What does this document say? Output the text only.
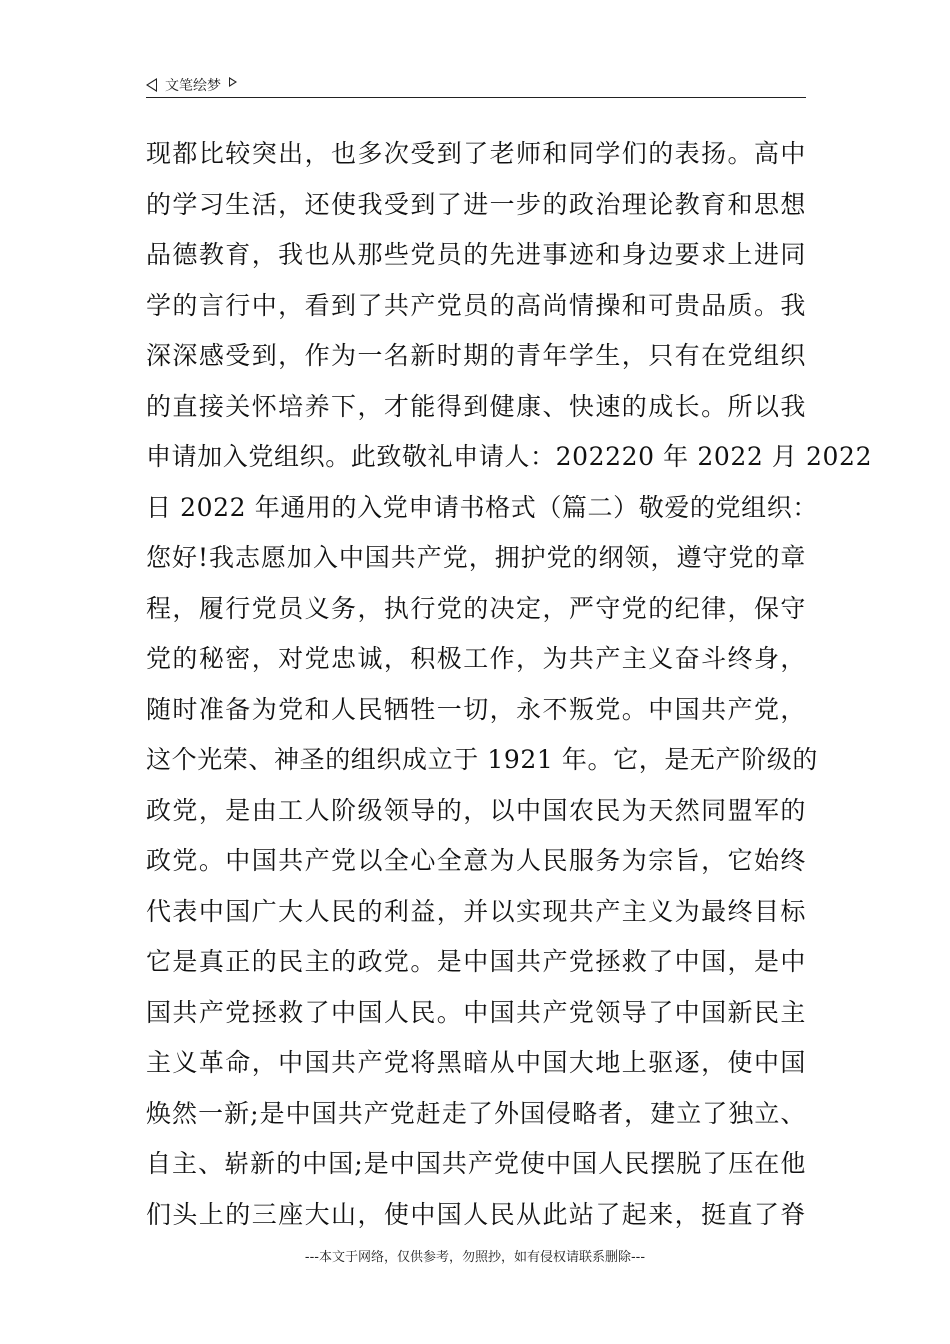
文笔绘梦
现都比较突出，也多次受到了老师和同学们的表扬。高中
的学习生活，还使我受到了进一步的政治理论教育和思想
品德教育，我也从那些党员的先进事迹和身边要求上进同
学的言行中，看到了共产党员的高尚情操和可贵品质。我
深深感受到，作为一名新时期的青年学生，只有在党组织
的直接关怀培养下，才能得到健康、快速的成长。所以我
申请加入党组织。此致敬礼申请人：202220 年 2022 月 2022
日 2022 年通用的入党申请书格式（篇二）敬爱的党组织：
您好!我志愿加入中国共产党，拥护党的纲领，遵守党的章
程，履行党员义务，执行党的决定，严守党的纪律，保守
党的秘密，对党忠诚，积极工作，为共产主义奋斗终身，
随时准备为党和人民牺牲一切，永不叛党。中国共产党，
这个光荣、神圣的组织成立于 1921 年。它，是无产阶级的
政党，是由工人阶级领导的，以中国农民为天然同盟军的
政党。中国共产党以全心全意为人民服务为宗旨，它始终
代表中国广大人民的利益，并以实现共产主义为最终目标
它是真正的民主的政党。是中国共产党拯救了中国，是中
国共产党拯救了中国人民。中国共产党领导了中国新民主
主义革命，中国共产党将黑暗从中国大地上驱逐，使中国
焕然一新;是中国共产党赶走了外国侵略者，建立了独立、
自主、崭新的中国;是中国共产党使中国人民摆脱了压在他
们头上的三座大山，使中国人民从此站了起来，挺直了脊
---本文于网络，仅供参考，勿照抄，如有侵权请联系删除---
